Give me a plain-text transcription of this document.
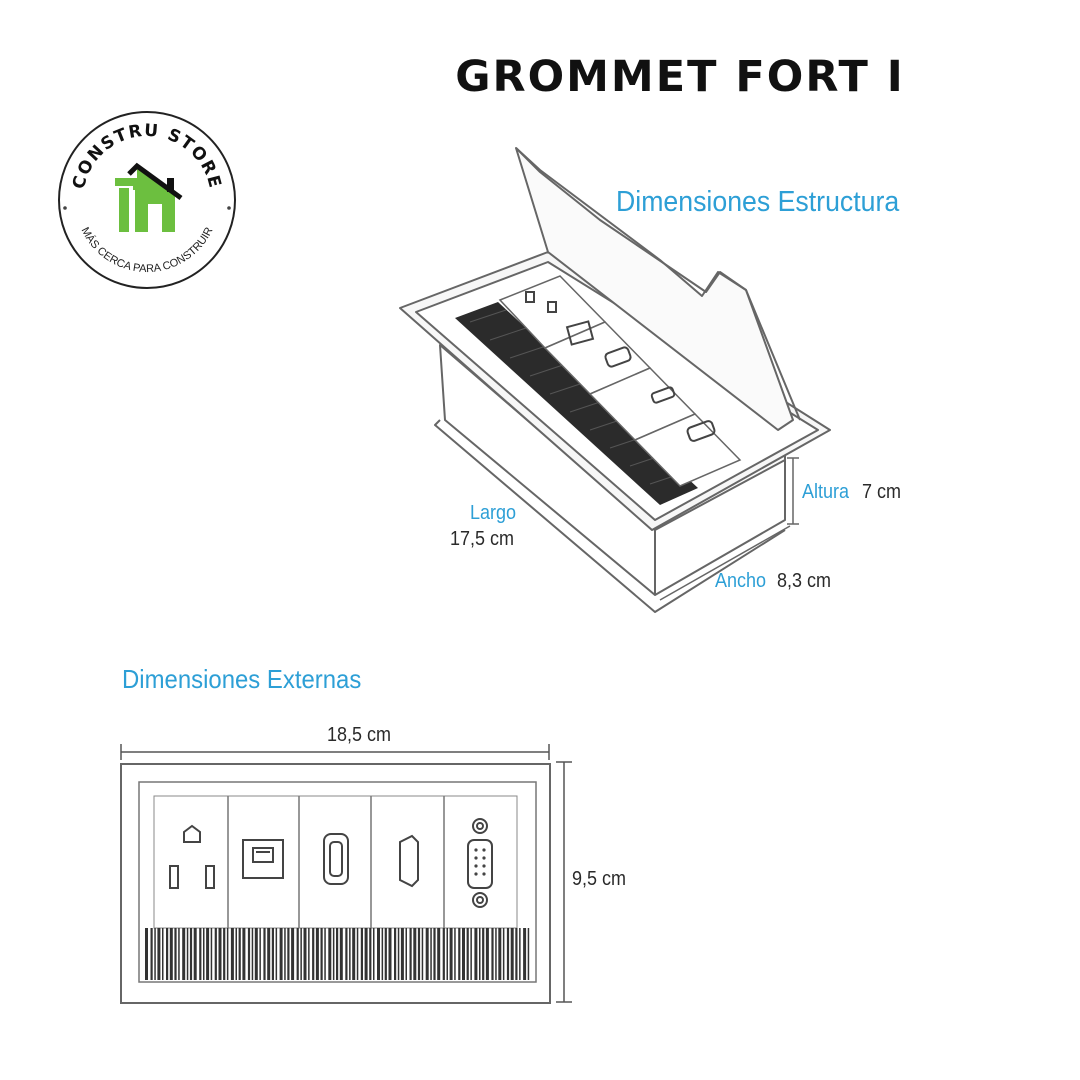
GROMMET FORT I
CONSTRU STORE
MÁS CERCA PARA CONSTRUIR
Dimensiones Estructura
Dimensiones Externas
Largo
17,5 cm
Altura 7 cm
Ancho 8,3 cm
18,5 cm
9,5 cm
